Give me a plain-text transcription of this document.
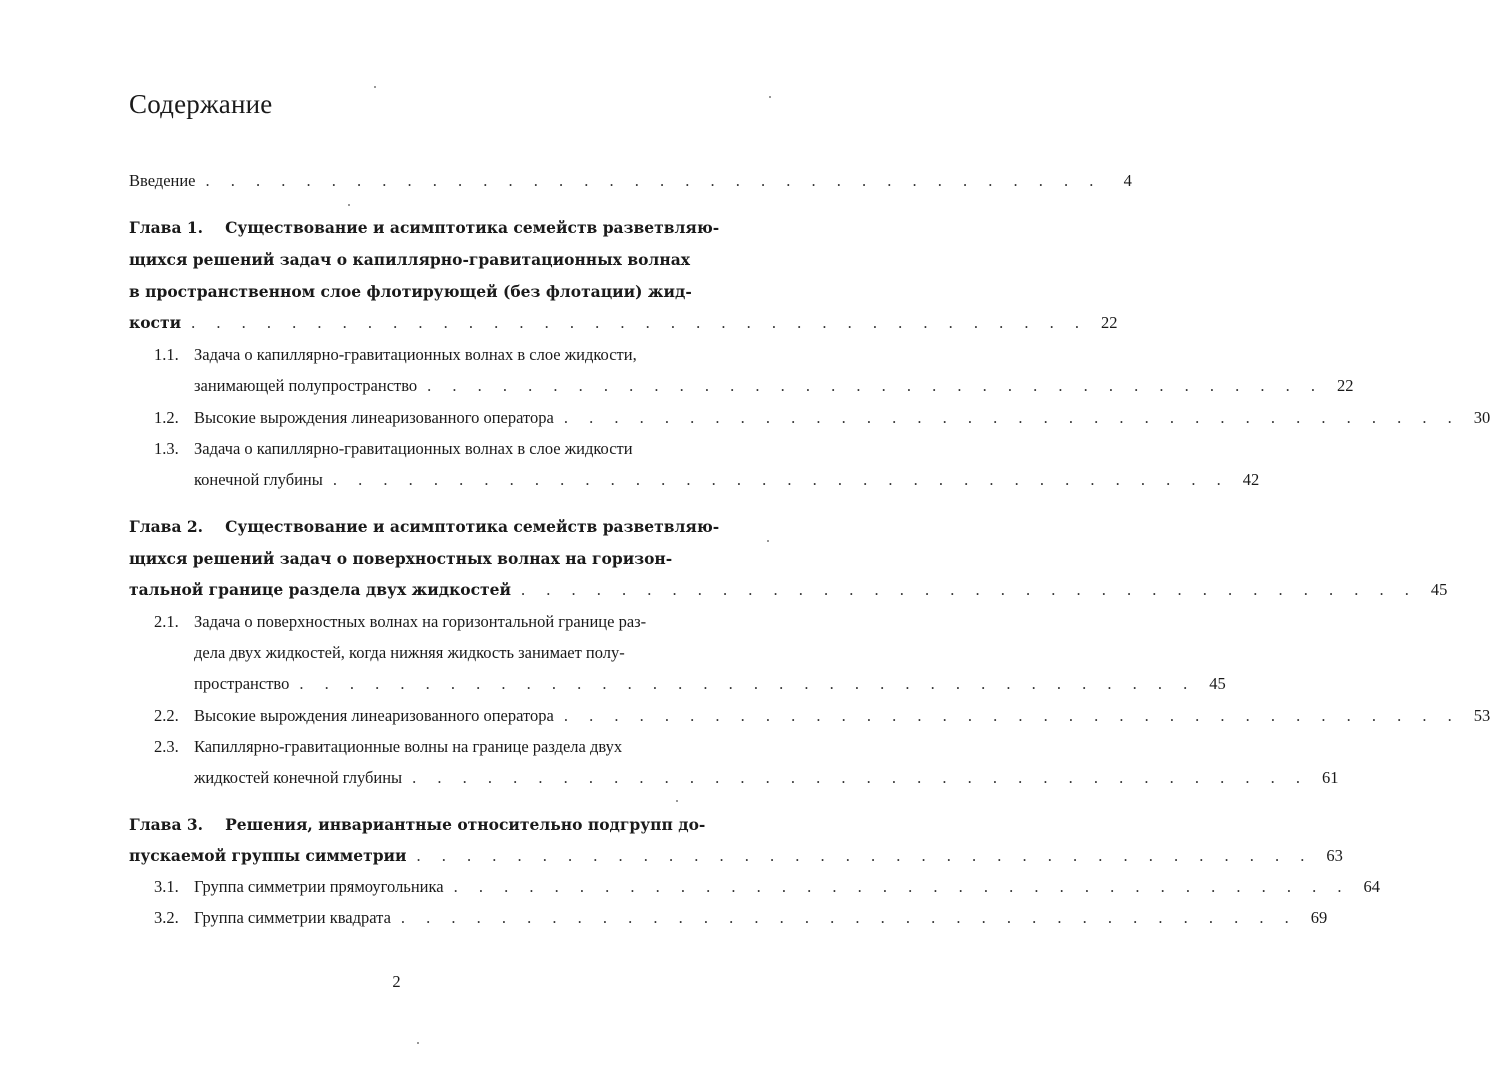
Содержание
Введение . . . . . . . . . . . . . . . . . . . . . . . . . . . . . . . . . . . .	4
Глава 1. Существование и асимптотика семейств разветвляю-
щихся решений задач о капиллярно-гравитационных волнах
в пространственном слое флотирующей (без флотации) жид-
кости . . . . . . . . . . . . . . . . . . . . . . . . . . . . . . . . . . . . 22
1.1. Задача о капиллярно-гравитационных волнах в слое жидкости,
занимающей полупространство . . . . . . . . . . . . . . . . . . . . . . . . . . . . . . . . . . . . 22
1.2. Высокие вырождения линеаризованного оператора . . . . . . . . . . . . . . . . . . . . . . . . . . . . . . . . . . . . 30
1.3. Задача о капиллярно-гравитационных волнах в слое жидкости
конечной глубины . . . . . . . . . . . . . . . . . . . . . . . . . . . . . . . . . . . . 42
Глава 2. Существование и асимптотика семейств разветвляю-
щихся решений задач о поверхностных волнах на горизон-
тальной границе раздела двух жидкостей . . . . . . . . . . . . . . . . . . . . . . . . . . . . . . . . . . . . 45
2.1. Задача о поверхностных волнах на горизонтальной границе раз-
дела двух жидкостей, когда нижняя жидкость занимает полу-
пространство . . . . . . . . . . . . . . . . . . . . . . . . . . . . . . . . . . . . 45
2.2. Высокие вырождения линеаризованного оператора . . . . . . . . . . . . . . . . . . . . . . . . . . . . . . . . . . . . 53
2.3. Капиллярно-гравитационные волны на границе раздела двух
жидкостей конечной глубины . . . . . . . . . . . . . . . . . . . . . . . . . . . . . . . . . . . . 61
Глава 3. Решения, инвариантные относительно подгрупп до-
пускаемой группы симметрии . . . . . . . . . . . . . . . . . . . . . . . . . . . . . . . . . . . . 63
3.1. Группа симметрии прямоугольника . . . . . . . . . . . . . . . . . . . . . . . . . . . . . . . . . . . . 64
3.2. Группа симметрии квадрата . . . . . . . . . . . . . . . . . . . . . . . . . . . . . . . . . . . . 69
2
